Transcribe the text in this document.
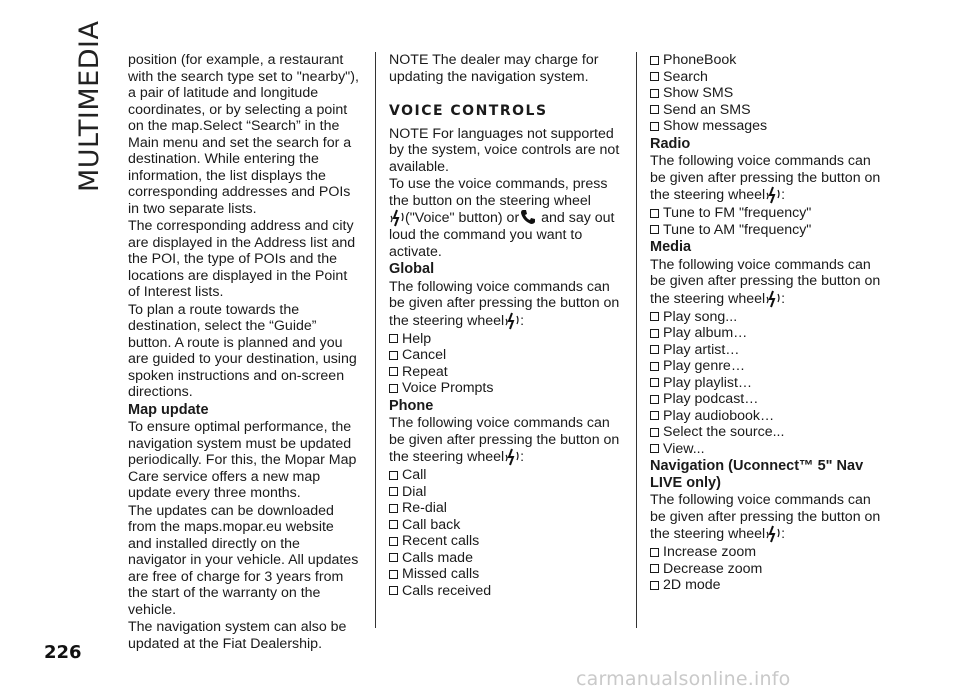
MULTIMEDIA
226

position (for example, a restaurant with the search type set to "nearby"), a pair of latitude and longitude coordinates, or by selecting a point on the map.Select “Search” in the Main menu and set the search for a destination. While entering the information, the list displays the corresponding addresses and POIs in two separate lists.

The corresponding address and city are displayed in the Address list and the POI, the type of POIs and the locations are displayed in the Point of Interest lists.

To plan a route towards the destination, select the “Guide” button. A route is planned and you are guided to your destination, using spoken instructions and on-screen directions.

Map update

To ensure optimal performance, the navigation system must be updated periodically. For this, the Mopar Map Care service offers a new map update every three months.

The updates can be downloaded from the maps.mopar.eu website and installed directly on the navigator in your vehicle. All updates are free of charge for 3 years from the start of the warranty on the vehicle.

The navigation system can also be updated at the Fiat Dealership.

NOTE The dealer may charge for updating the navigation system.

VOICE CONTROLS

NOTE For languages not supported by the system, voice controls are not available.

To use the voice commands, press the button on the steering wheel
("Voice" button) or and say out loud the command you want to activate.

Global

The following voice commands can be given after pressing the button on the steering wheel :

Help
Cancel
Repeat
Voice Prompts

Phone

The following voice commands can be given after pressing the button on the steering wheel :

Call
Dial
Re-dial
Call back
Recent calls
Calls made
Missed calls
Calls received
PhoneBook
Search
Show SMS
Send an SMS
Show messages

Radio

The following voice commands can be given after pressing the button on the steering wheel :

Tune to FM "frequency"
Tune to AM "frequency"

Media

The following voice commands can be given after pressing the button on the steering wheel :

Play song...
Play album…
Play artist…
Play genre…
Play playlist…
Play podcast…
Play audiobook…
Select the source...
View...

Navigation (Uconnect™ 5" Nav LIVE only)

The following voice commands can be given after pressing the button on the steering wheel :

Increase zoom
Decrease zoom
2D mode
carmanualsonline.info
